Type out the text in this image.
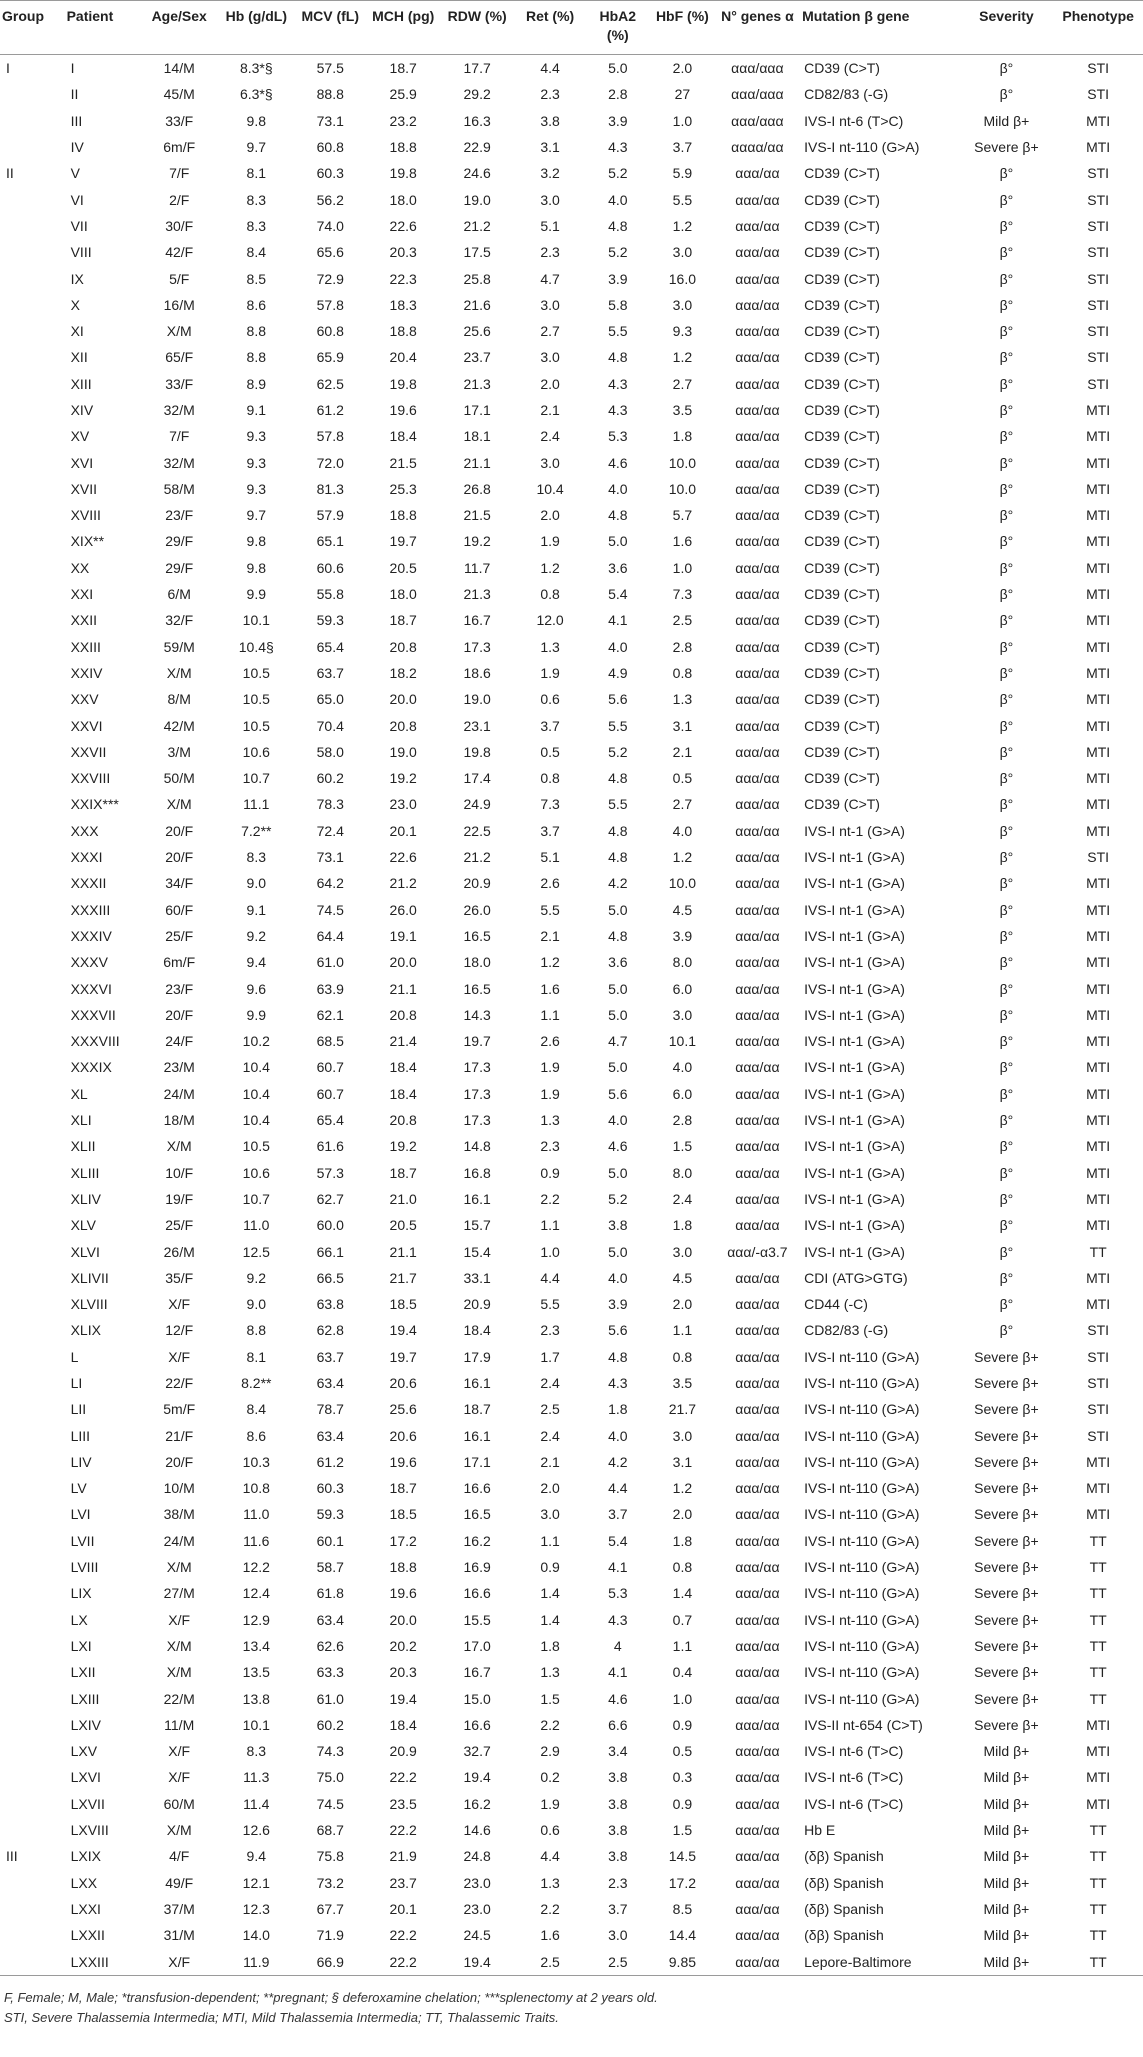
Group	Patient	Age/Sex	Hb (g/dL)	MCV (fL)	MCH (pg)	RDW (%)	Ret (%)	HbA2 (%)	HbF (%)	N° genes α	Mutation β gene	Severity	Phenotype
I	I	14/M	8.3*§	57.5	18.7	17.7	4.4	5.0	2.0	ααα/ααα	CD39 (C>T)	β°	STI
	II	45/M	6.3*§	88.8	25.9	29.2	2.3	2.8	27	ααα/ααα	CD82/83 (-G)	β°	STI
	III	33/F	9.8	73.1	23.2	16.3	3.8	3.9	1.0	ααα/ααα	IVS-I nt-6 (T>C)	Mild β+	MTI
	IV	6m/F	9.7	60.8	18.8	22.9	3.1	4.3	3.7	αααα/αα	IVS-I nt-110 (G>A)	Severe β+	MTI
II	V	7/F	8.1	60.3	19.8	24.6	3.2	5.2	5.9	ααα/αα	CD39 (C>T)	β°	STI
	VI	2/F	8.3	56.2	18.0	19.0	3.0	4.0	5.5	ααα/αα	CD39 (C>T)	β°	STI
	VII	30/F	8.3	74.0	22.6	21.2	5.1	4.8	1.2	ααα/αα	CD39 (C>T)	β°	STI
	VIII	42/F	8.4	65.6	20.3	17.5	2.3	5.2	3.0	ααα/αα	CD39 (C>T)	β°	STI
	IX	5/F	8.5	72.9	22.3	25.8	4.7	3.9	16.0	ααα/αα	CD39 (C>T)	β°	STI
	X	16/M	8.6	57.8	18.3	21.6	3.0	5.8	3.0	ααα/αα	CD39 (C>T)	β°	STI
	XI	X/M	8.8	60.8	18.8	25.6	2.7	5.5	9.3	ααα/αα	CD39 (C>T)	β°	STI
	XII	65/F	8.8	65.9	20.4	23.7	3.0	4.8	1.2	ααα/αα	CD39 (C>T)	β°	STI
	XIII	33/F	8.9	62.5	19.8	21.3	2.0	4.3	2.7	ααα/αα	CD39 (C>T)	β°	STI
	XIV	32/M	9.1	61.2	19.6	17.1	2.1	4.3	3.5	ααα/αα	CD39 (C>T)	β°	MTI
	XV	7/F	9.3	57.8	18.4	18.1	2.4	5.3	1.8	ααα/αα	CD39 (C>T)	β°	MTI
	XVI	32/M	9.3	72.0	21.5	21.1	3.0	4.6	10.0	ααα/αα	CD39 (C>T)	β°	MTI
	XVII	58/M	9.3	81.3	25.3	26.8	10.4	4.0	10.0	ααα/αα	CD39 (C>T)	β°	MTI
	XVIII	23/F	9.7	57.9	18.8	21.5	2.0	4.8	5.7	ααα/αα	CD39 (C>T)	β°	MTI
	XIX**	29/F	9.8	65.1	19.7	19.2	1.9	5.0	1.6	ααα/αα	CD39 (C>T)	β°	MTI
	XX	29/F	9.8	60.6	20.5	11.7	1.2	3.6	1.0	ααα/αα	CD39 (C>T)	β°	MTI
	XXI	6/M	9.9	55.8	18.0	21.3	0.8	5.4	7.3	ααα/αα	CD39 (C>T)	β°	MTI
	XXII	32/F	10.1	59.3	18.7	16.7	12.0	4.1	2.5	ααα/αα	CD39 (C>T)	β°	MTI
	XXIII	59/M	10.4§	65.4	20.8	17.3	1.3	4.0	2.8	ααα/αα	CD39 (C>T)	β°	MTI
	XXIV	X/M	10.5	63.7	18.2	18.6	1.9	4.9	0.8	ααα/αα	CD39 (C>T)	β°	MTI
	XXV	8/M	10.5	65.0	20.0	19.0	0.6	5.6	1.3	ααα/αα	CD39 (C>T)	β°	MTI
	XXVI	42/M	10.5	70.4	20.8	23.1	3.7	5.5	3.1	ααα/αα	CD39 (C>T)	β°	MTI
	XXVII	3/M	10.6	58.0	19.0	19.8	0.5	5.2	2.1	ααα/αα	CD39 (C>T)	β°	MTI
	XXVIII	50/M	10.7	60.2	19.2	17.4	0.8	4.8	0.5	ααα/αα	CD39 (C>T)	β°	MTI
	XXIX***	X/M	11.1	78.3	23.0	24.9	7.3	5.5	2.7	ααα/αα	CD39 (C>T)	β°	MTI
	XXX	20/F	7.2**	72.4	20.1	22.5	3.7	4.8	4.0	ααα/αα	IVS-I nt-1 (G>A)	β°	MTI
	XXXI	20/F	8.3	73.1	22.6	21.2	5.1	4.8	1.2	ααα/αα	IVS-I nt-1 (G>A)	β°	STI
	XXXII	34/F	9.0	64.2	21.2	20.9	2.6	4.2	10.0	ααα/αα	IVS-I nt-1 (G>A)	β°	MTI
	XXXIII	60/F	9.1	74.5	26.0	26.0	5.5	5.0	4.5	ααα/αα	IVS-I nt-1 (G>A)	β°	MTI
	XXXIV	25/F	9.2	64.4	19.1	16.5	2.1	4.8	3.9	ααα/αα	IVS-I nt-1 (G>A)	β°	MTI
	XXXV	6m/F	9.4	61.0	20.0	18.0	1.2	3.6	8.0	ααα/αα	IVS-I nt-1 (G>A)	β°	MTI
	XXXVI	23/F	9.6	63.9	21.1	16.5	1.6	5.0	6.0	ααα/αα	IVS-I nt-1 (G>A)	β°	MTI
	XXXVII	20/F	9.9	62.1	20.8	14.3	1.1	5.0	3.0	ααα/αα	IVS-I nt-1 (G>A)	β°	MTI
	XXXVIII	24/F	10.2	68.5	21.4	19.7	2.6	4.7	10.1	ααα/αα	IVS-I nt-1 (G>A)	β°	MTI
	XXXIX	23/M	10.4	60.7	18.4	17.3	1.9	5.0	4.0	ααα/αα	IVS-I nt-1 (G>A)	β°	MTI
	XL	24/M	10.4	60.7	18.4	17.3	1.9	5.6	6.0	ααα/αα	IVS-I nt-1 (G>A)	β°	MTI
	XLI	18/M	10.4	65.4	20.8	17.3	1.3	4.0	2.8	ααα/αα	IVS-I nt-1 (G>A)	β°	MTI
	XLII	X/M	10.5	61.6	19.2	14.8	2.3	4.6	1.5	ααα/αα	IVS-I nt-1 (G>A)	β°	MTI
	XLIII	10/F	10.6	57.3	18.7	16.8	0.9	5.0	8.0	ααα/αα	IVS-I nt-1 (G>A)	β°	MTI
	XLIV	19/F	10.7	62.7	21.0	16.1	2.2	5.2	2.4	ααα/αα	IVS-I nt-1 (G>A)	β°	MTI
	XLV	25/F	11.0	60.0	20.5	15.7	1.1	3.8	1.8	ααα/αα	IVS-I nt-1 (G>A)	β°	MTI
	XLVI	26/M	12.5	66.1	21.1	15.4	1.0	5.0	3.0	ααα/-α3.7	IVS-I nt-1 (G>A)	β°	TT
	XLIVII	35/F	9.2	66.5	21.7	33.1	4.4	4.0	4.5	ααα/αα	CDI (ATG>GTG)	β°	MTI
	XLVIII	X/F	9.0	63.8	18.5	20.9	5.5	3.9	2.0	ααα/αα	CD44 (-C)	β°	MTI
	XLIX	12/F	8.8	62.8	19.4	18.4	2.3	5.6	1.1	ααα/αα	CD82/83 (-G)	β°	STI
	L	X/F	8.1	63.7	19.7	17.9	1.7	4.8	0.8	ααα/αα	IVS-I nt-110 (G>A)	Severe β+	STI
	LI	22/F	8.2**	63.4	20.6	16.1	2.4	4.3	3.5	ααα/αα	IVS-I nt-110 (G>A)	Severe β+	STI
	LII	5m/F	8.4	78.7	25.6	18.7	2.5	1.8	21.7	ααα/αα	IVS-I nt-110 (G>A)	Severe β+	STI
	LIII	21/F	8.6	63.4	20.6	16.1	2.4	4.0	3.0	ααα/αα	IVS-I nt-110 (G>A)	Severe β+	STI
	LIV	20/F	10.3	61.2	19.6	17.1	2.1	4.2	3.1	ααα/αα	IVS-I nt-110 (G>A)	Severe β+	MTI
	LV	10/M	10.8	60.3	18.7	16.6	2.0	4.4	1.2	ααα/αα	IVS-I nt-110 (G>A)	Severe β+	MTI
	LVI	38/M	11.0	59.3	18.5	16.5	3.0	3.7	2.0	ααα/αα	IVS-I nt-110 (G>A)	Severe β+	MTI
	LVII	24/M	11.6	60.1	17.2	16.2	1.1	5.4	1.8	ααα/αα	IVS-I nt-110 (G>A)	Severe β+	TT
	LVIII	X/M	12.2	58.7	18.8	16.9	0.9	4.1	0.8	ααα/αα	IVS-I nt-110 (G>A)	Severe β+	TT
	LIX	27/M	12.4	61.8	19.6	16.6	1.4	5.3	1.4	ααα/αα	IVS-I nt-110 (G>A)	Severe β+	TT
	LX	X/F	12.9	63.4	20.0	15.5	1.4	4.3	0.7	ααα/αα	IVS-I nt-110 (G>A)	Severe β+	TT
	LXI	X/M	13.4	62.6	20.2	17.0	1.8	4	1.1	ααα/αα	IVS-I nt-110 (G>A)	Severe β+	TT
	LXII	X/M	13.5	63.3	20.3	16.7	1.3	4.1	0.4	ααα/αα	IVS-I nt-110 (G>A)	Severe β+	TT
	LXIII	22/M	13.8	61.0	19.4	15.0	1.5	4.6	1.0	ααα/αα	IVS-I nt-110 (G>A)	Severe β+	TT
	LXIV	11/M	10.1	60.2	18.4	16.6	2.2	6.6	0.9	ααα/αα	IVS-II nt-654 (C>T)	Severe β+	MTI
	LXV	X/F	8.3	74.3	20.9	32.7	2.9	3.4	0.5	ααα/αα	IVS-I nt-6 (T>C)	Mild β+	MTI
	LXVI	X/F	11.3	75.0	22.2	19.4	0.2	3.8	0.3	ααα/αα	IVS-I nt-6 (T>C)	Mild β+	MTI
	LXVII	60/M	11.4	74.5	23.5	16.2	1.9	3.8	0.9	ααα/αα	IVS-I nt-6 (T>C)	Mild β+	MTI
	LXVIII	X/M	12.6	68.7	22.2	14.6	0.6	3.8	1.5	ααα/αα	Hb E	Mild β+	TT
III	LXIX	4/F	9.4	75.8	21.9	24.8	4.4	3.8	14.5	ααα/αα	(δβ) Spanish	Mild β+	TT
	LXX	49/F	12.1	73.2	23.7	23.0	1.3	2.3	17.2	ααα/αα	(δβ) Spanish	Mild β+	TT
	LXXI	37/M	12.3	67.7	20.1	23.0	2.2	3.7	8.5	ααα/αα	(δβ) Spanish	Mild β+	TT
	LXXII	31/M	14.0	71.9	22.2	24.5	1.6	3.0	14.4	ααα/αα	(δβ) Spanish	Mild β+	TT
	LXXIII	X/F	11.9	66.9	22.2	19.4	2.5	2.5	9.85	ααα/αα	Lepore-Baltimore	Mild β+	TT
F, Female; M, Male; *transfusion-dependent; **pregnant; § deferoxamine chelation; ***splenectomy at 2 years old.
STI, Severe Thalassemia Intermedia; MTI, Mild Thalassemia Intermedia; TT, Thalassemic Traits.
